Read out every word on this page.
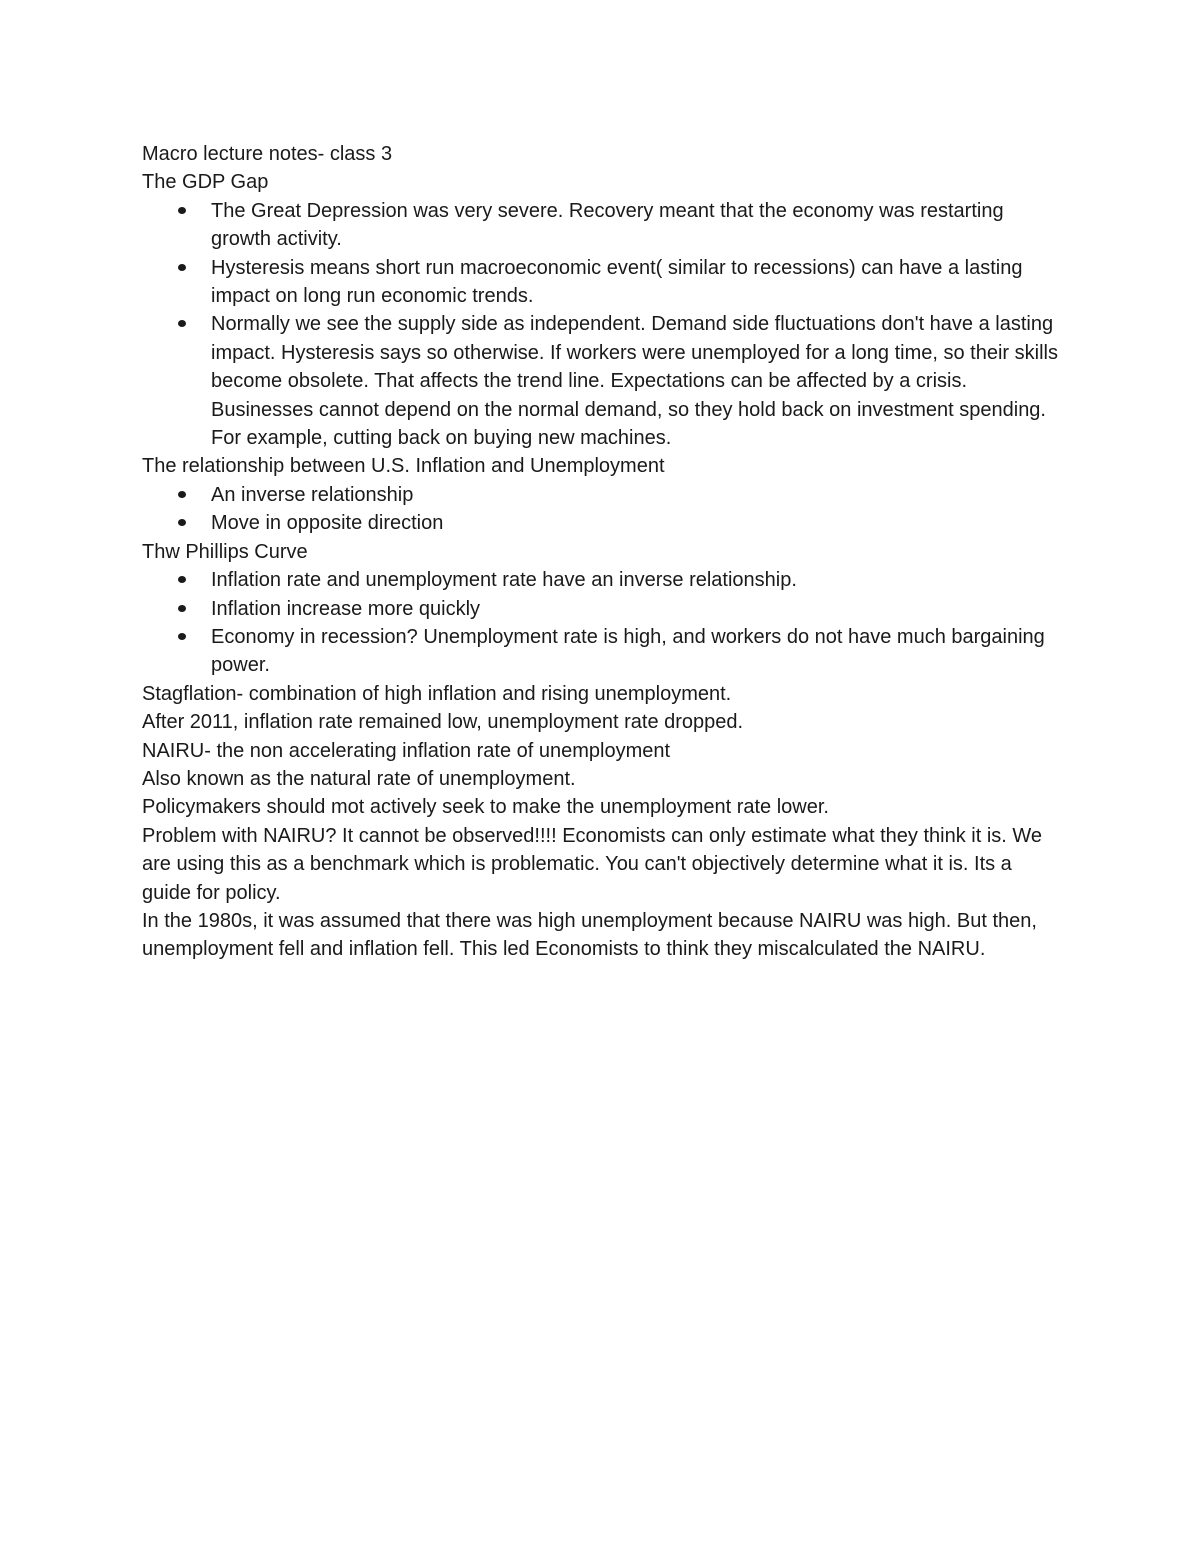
Macro lecture notes- class 3

The GDP Gap

The Great Depression was very severe. Recovery meant that the economy was restarting growth activity.
Hysteresis means short run macroeconomic event( similar to recessions) can have a lasting impact on long run economic trends.
Normally we see the supply side as independent. Demand side fluctuations don't have a lasting impact. Hysteresis says so otherwise. If workers were unemployed for a long time, so their skills become obsolete. That affects the trend line. Expectations can be affected by a crisis. Businesses cannot depend on the normal demand, so they hold back on investment spending. For example, cutting back on buying new machines.

The relationship between U.S. Inflation and Unemployment

An inverse relationship
Move in opposite direction

Thw Phillips Curve

Inflation rate and unemployment rate have an inverse relationship.
Inflation increase more quickly
Economy in recession? Unemployment rate is high, and workers do not have much bargaining power.

Stagflation- combination of high inflation and rising unemployment.

After 2011, inflation rate remained low, unemployment rate dropped.

NAIRU- the non accelerating inflation rate of unemployment

Also known as the natural rate of unemployment.

Policymakers should mot actively seek to make the unemployment rate lower.

Problem with NAIRU? It cannot be observed!!!! Economists can only estimate what they think it is. We are using this as a benchmark which is problematic. You can't objectively determine what it is. Its a guide for policy.

In the 1980s, it was assumed that there was high unemployment because NAIRU was high. But then, unemployment fell and inflation fell. This led Economists to think they miscalculated the NAIRU.
